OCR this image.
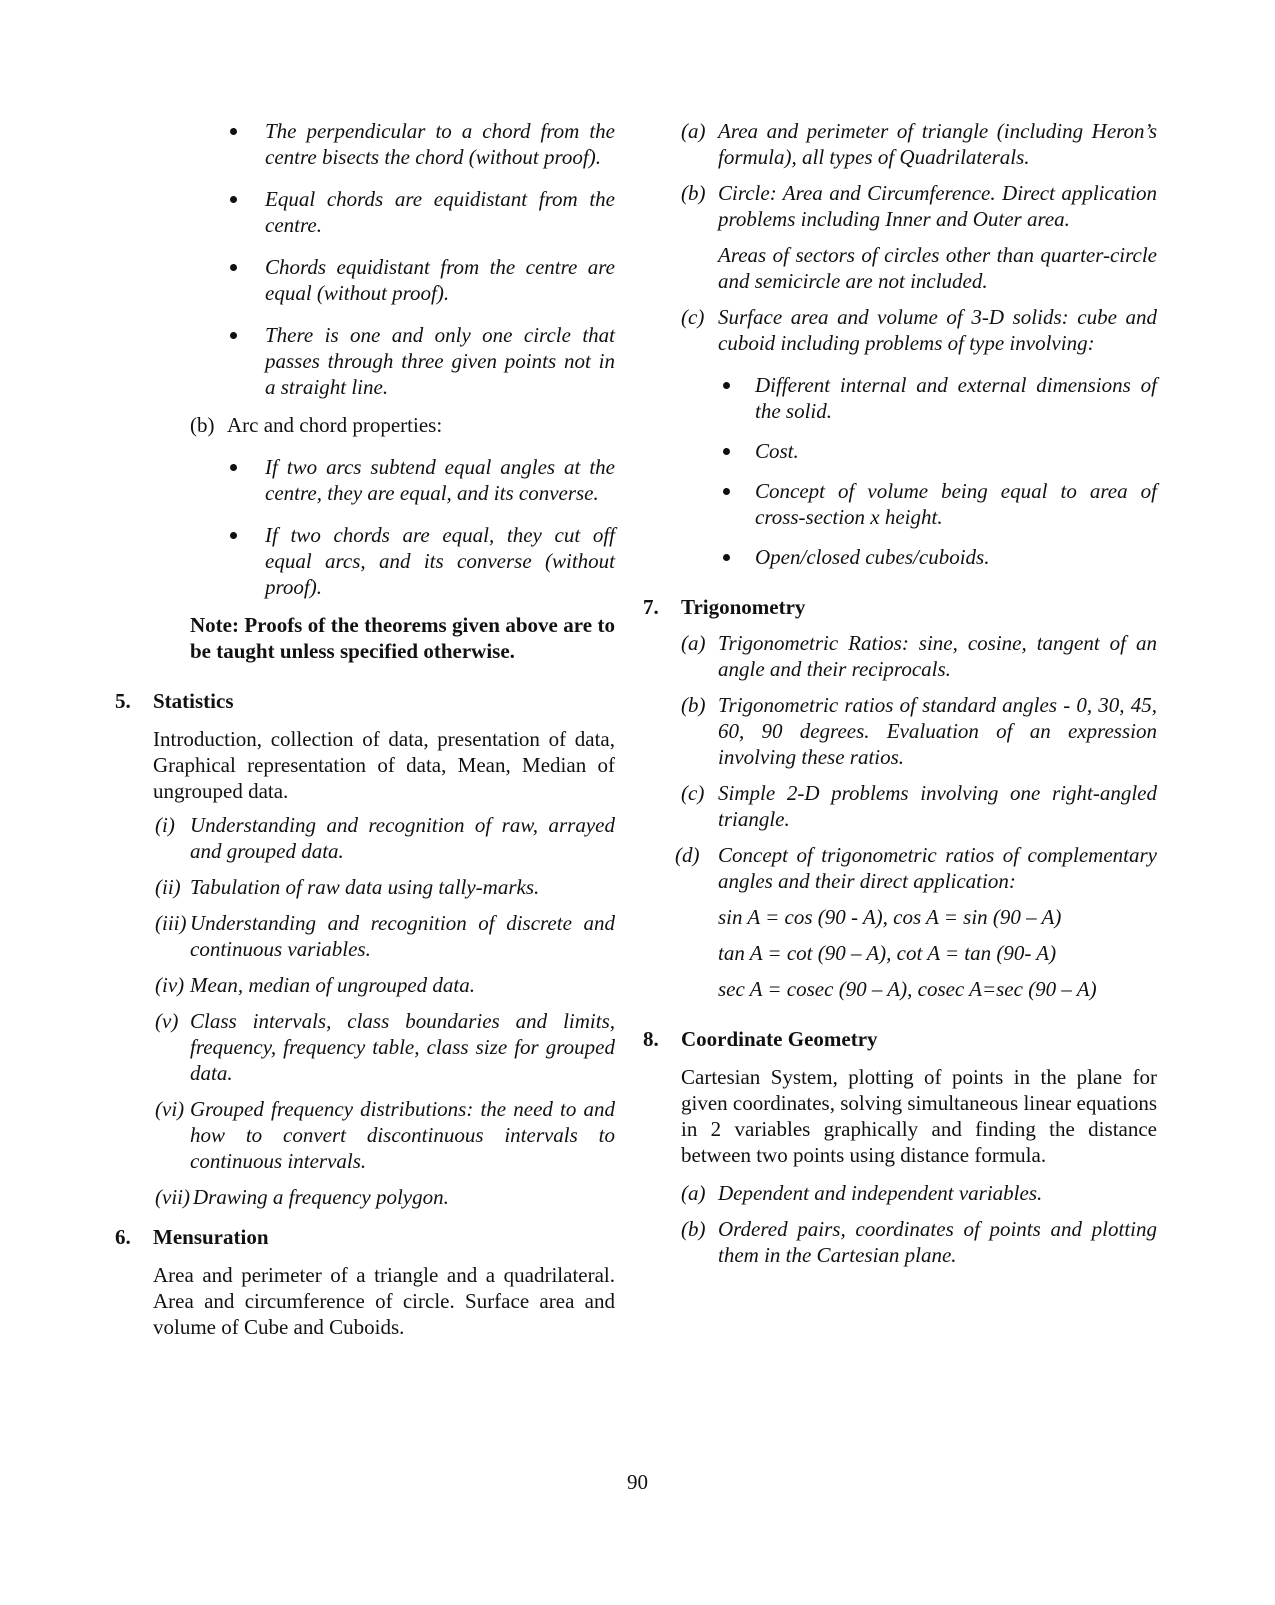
The perpendicular to a chord from the centre bisects the chord (without proof).

Equal chords are equidistant from the centre.

Chords equidistant from the centre are equal (without proof).

There is one and only one circle that passes through three given points not in a straight line.

(b) Arc and chord properties:

If two arcs subtend equal angles at the centre, they are equal, and its converse.

If two chords are equal, they cut off equal arcs, and its converse (without proof).

Note: Proofs of the theorems given above are to be taught unless specified otherwise.

5. Statistics

Introduction, collection of data, presentation of data, Graphical representation of data, Mean, Median of ungrouped data.

(i) Understanding and recognition of raw, arrayed and grouped data.

(ii) Tabulation of raw data using tally-marks.

(iii) Understanding and recognition of discrete and continuous variables.

(iv) Mean, median of ungrouped data.

(v) Class intervals, class boundaries and limits, frequency, frequency table, class size for grouped data.

(vi) Grouped frequency distributions: the need to and how to convert discontinuous intervals to continuous intervals.

(vii) Drawing a frequency polygon.

6. Mensuration

Area and perimeter of a triangle and a quadrilateral. Area and circumference of circle. Surface area and volume of Cube and Cuboids.

(a) Area and perimeter of triangle (including Heron’s formula), all types of Quadrilaterals.

(b) Circle: Area and Circumference. Direct application problems including Inner and Outer area.

Areas of sectors of circles other than quarter-circle and semicircle are not included.

(c) Surface area and volume of 3-D solids: cube and cuboid including problems of type involving:

Different internal and external dimensions of the solid.

Cost.

Concept of volume being equal to area of cross-section x height.

Open/closed cubes/cuboids.

7. Trigonometry
(a) Trigonometric Ratios: sine, cosine, tangent of an angle and their reciprocals.

(b) Trigonometric ratios of standard angles - 0, 30, 45, 60, 90 degrees. Evaluation of an expression involving these ratios.

(c) Simple 2-D problems involving one right-angled triangle.

(d) Concept of trigonometric ratios of complementary angles and their direct application:

sin A = cos (90 - A), cos A = sin (90 – A)

tan A = cot (90 – A), cot A = tan (90- A)

sec A = cosec (90 – A), cosec A=sec (90 – A)

8. Coordinate Geometry

Cartesian System, plotting of points in the plane for given coordinates, solving simultaneous linear equations in 2 variables graphically and finding the distance between two points using distance formula.

(a) Dependent and independent variables.

(b) Ordered pairs, coordinates of points and plotting them in the Cartesian plane.

90
